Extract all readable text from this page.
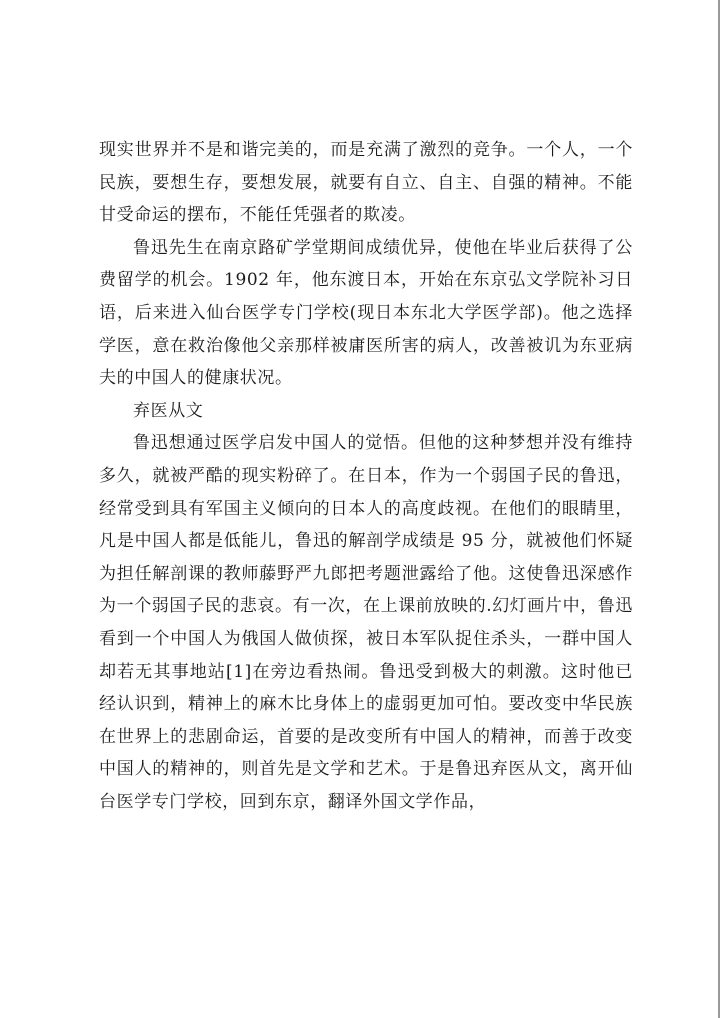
现实世界并不是和谐完美的，而是充满了激烈的竞争。一个人，一个民族，要想生存，要想发展，就要有自立、自主、自强的精神。不能甘受命运的摆布，不能任凭强者的欺凌。

鲁迅先生在南京路矿学堂期间成绩优异，使他在毕业后获得了公费留学的机会。1902 年，他东渡日本，开始在东京弘文学院补习日语，后来进入仙台医学专门学校(现日本东北大学医学部)。他之选择学医，意在救治像他父亲那样被庸医所害的病人，改善被讥为东亚病夫的中国人的健康状况。

弃医从文

鲁迅想通过医学启发中国人的觉悟。但他的这种梦想并没有维持多久，就被严酷的现实粉碎了。在日本，作为一个弱国子民的鲁迅，经常受到具有军国主义倾向的日本人的高度歧视。在他们的眼睛里，凡是中国人都是低能儿，鲁迅的解剖学成绩是 95 分，就被他们怀疑为担任解剖课的教师藤野严九郎把考题泄露给了他。这使鲁迅深感作为一个弱国子民的悲哀。有一次，在上课前放映的.幻灯画片中，鲁迅看到一个中国人为俄国人做侦探，被日本军队捉住杀头，一群中国人却若无其事地站[1]在旁边看热闹。鲁迅受到极大的刺激。这时他已经认识到，精神上的麻木比身体上的虚弱更加可怕。要改变中华民族在世界上的悲剧命运，首要的是改变所有中国人的精神，而善于改变中国人的精神的，则首先是文学和艺术。于是鲁迅弃医从文，离开仙台医学专门学校，回到东京，翻译外国文学作品，
